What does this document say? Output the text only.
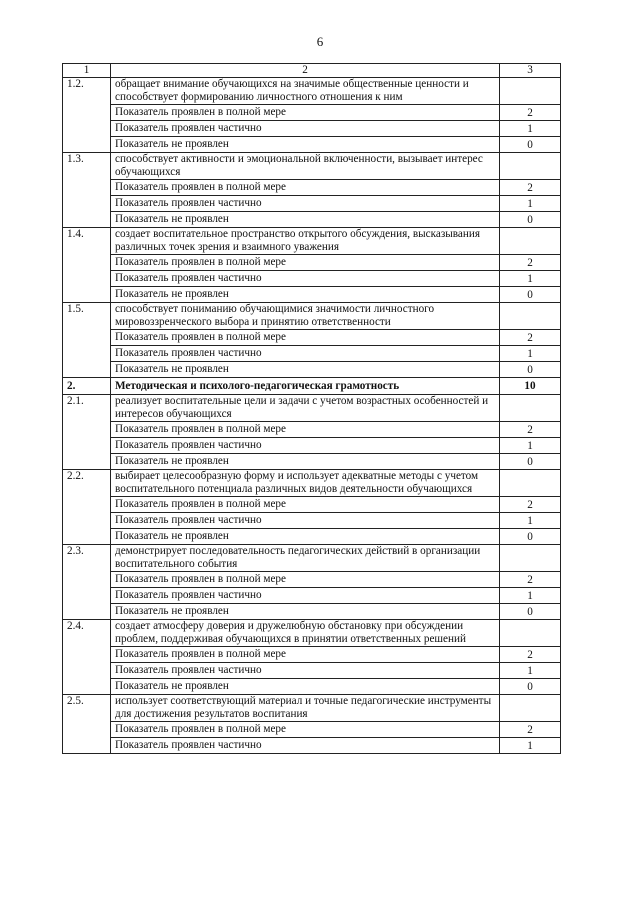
6
1	2	3
1.2.	обращает внимание обучающихся на значимые общественные ценности и способствует формированию личностного отношения к ним	
	Показатель проявлен в полной мере	2
	Показатель проявлен частично	1
	Показатель не проявлен	0
1.3.	способствует активности и эмоциональной включенности, вызывает интерес обучающихся	
	Показатель проявлен в полной мере	2
	Показатель проявлен частично	1
	Показатель не проявлен	0
1.4.	создает воспитательное пространство открытого обсуждения, высказывания различных точек зрения и взаимного уважения	
	Показатель проявлен в полной мере	2
	Показатель проявлен частично	1
	Показатель не проявлен	0
1.5.	способствует пониманию обучающимися значимости личностного мировоззренческого выбора и принятию ответственности	
	Показатель проявлен в полной мере	2
	Показатель проявлен частично	1
	Показатель не проявлен	0
2.	Методическая и психолого-педагогическая грамотность	10
2.1.	реализует воспитательные цели и задачи с учетом возрастных особенностей и интересов обучающихся	
	Показатель проявлен в полной мере	2
	Показатель проявлен частично	1
	Показатель не проявлен	0
2.2.	выбирает целесообразную форму и использует адекватные методы с учетом воспитательного потенциала различных видов деятельности обучающихся	
	Показатель проявлен в полной мере	2
	Показатель проявлен частично	1
	Показатель не проявлен	0
2.3.	демонстрирует последовательность педагогических действий в организации воспитательного события	
	Показатель проявлен в полной мере	2
	Показатель проявлен частично	1
	Показатель не проявлен	0
2.4.	создает атмосферу доверия и дружелюбную обстановку при обсуждении проблем, поддерживая обучающихся в принятии ответственных решений	
	Показатель проявлен в полной мере	2
	Показатель проявлен частично	1
	Показатель не проявлен	0
2.5.	использует соответствующий материал и точные педагогические инструменты для достижения результатов воспитания	
	Показатель проявлен в полной мере	2
	Показатель проявлен частично	1
